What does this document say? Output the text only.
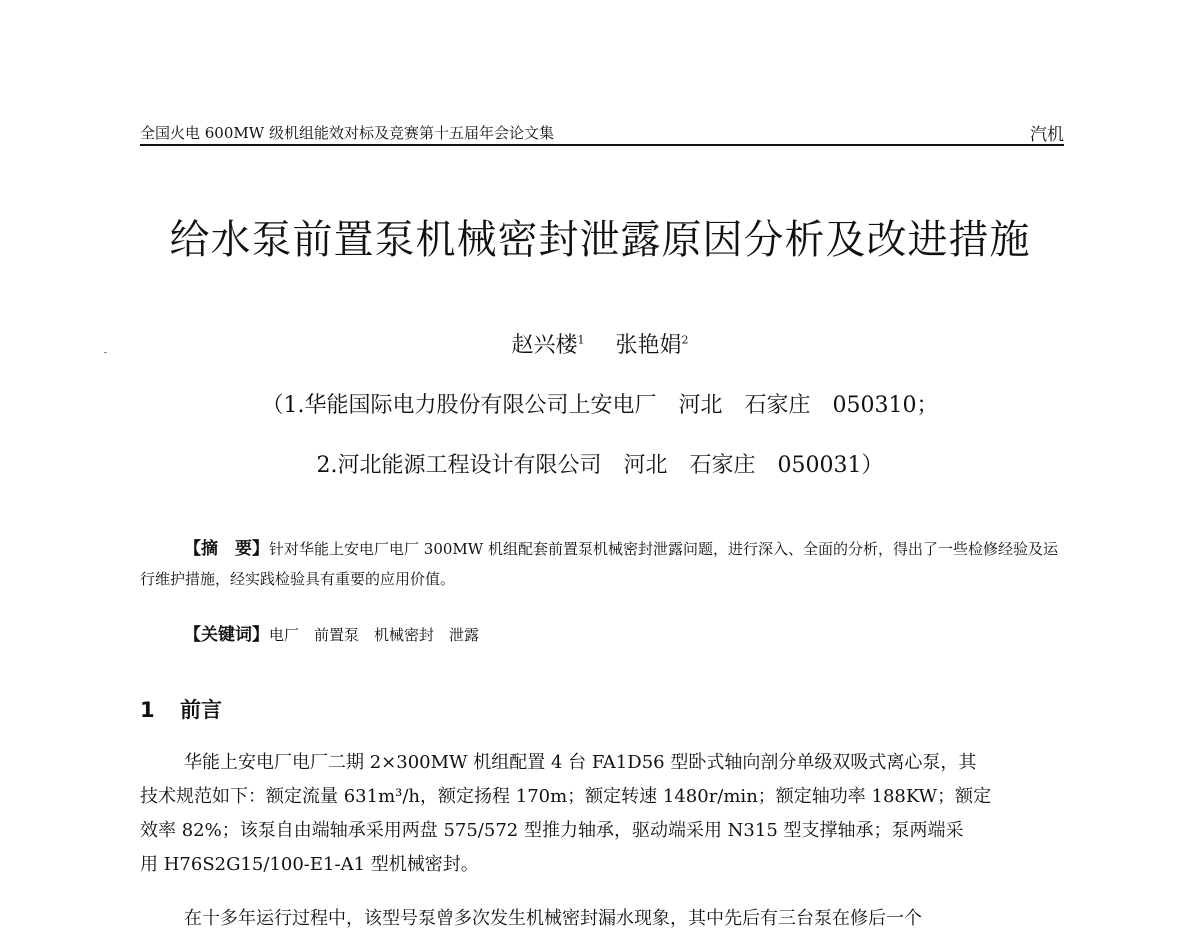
全国火电 600MW 级机组能效对标及竞赛第十五届年会论文集	汽机
给水泵前置泵机械密封泄露原因分析及改进措施
赵兴楼$^1$ 张艳娟$^2$
（1.华能国际电力股份有限公司上安电厂　河北　石家庄　050310；
2.河北能源工程设计有限公司　河北　石家庄　050031）
【摘　要】针对华能上安电厂电厂 300MW 机组配套前置泵机械密封泄露问题，进行深入、全面的分析，得出了一些检修经验及运行维护措施，经实践检验具有重要的应用价值。
【关键词】电厂　前置泵　机械密封　泄露
1 前言
华能上安电厂电厂二期 2×300MW 机组配置 4 台 FA1D56 型卧式轴向剖分单级双吸式离心泵，其
技术规范如下：额定流量 631m³/h，额定扬程 170m；额定转速 1480r/min；额定轴功率 188KW；额定
效率 82%；该泵自由端轴承采用两盘 575/572 型推力轴承，驱动端采用 N315 型支撑轴承；泵两端采
用 H76S2G15/100-E1-A1 型机械密封。
在十多年运行过程中，该型号泵曾多次发生机械密封漏水现象，其中先后有三台泵在修后一个
